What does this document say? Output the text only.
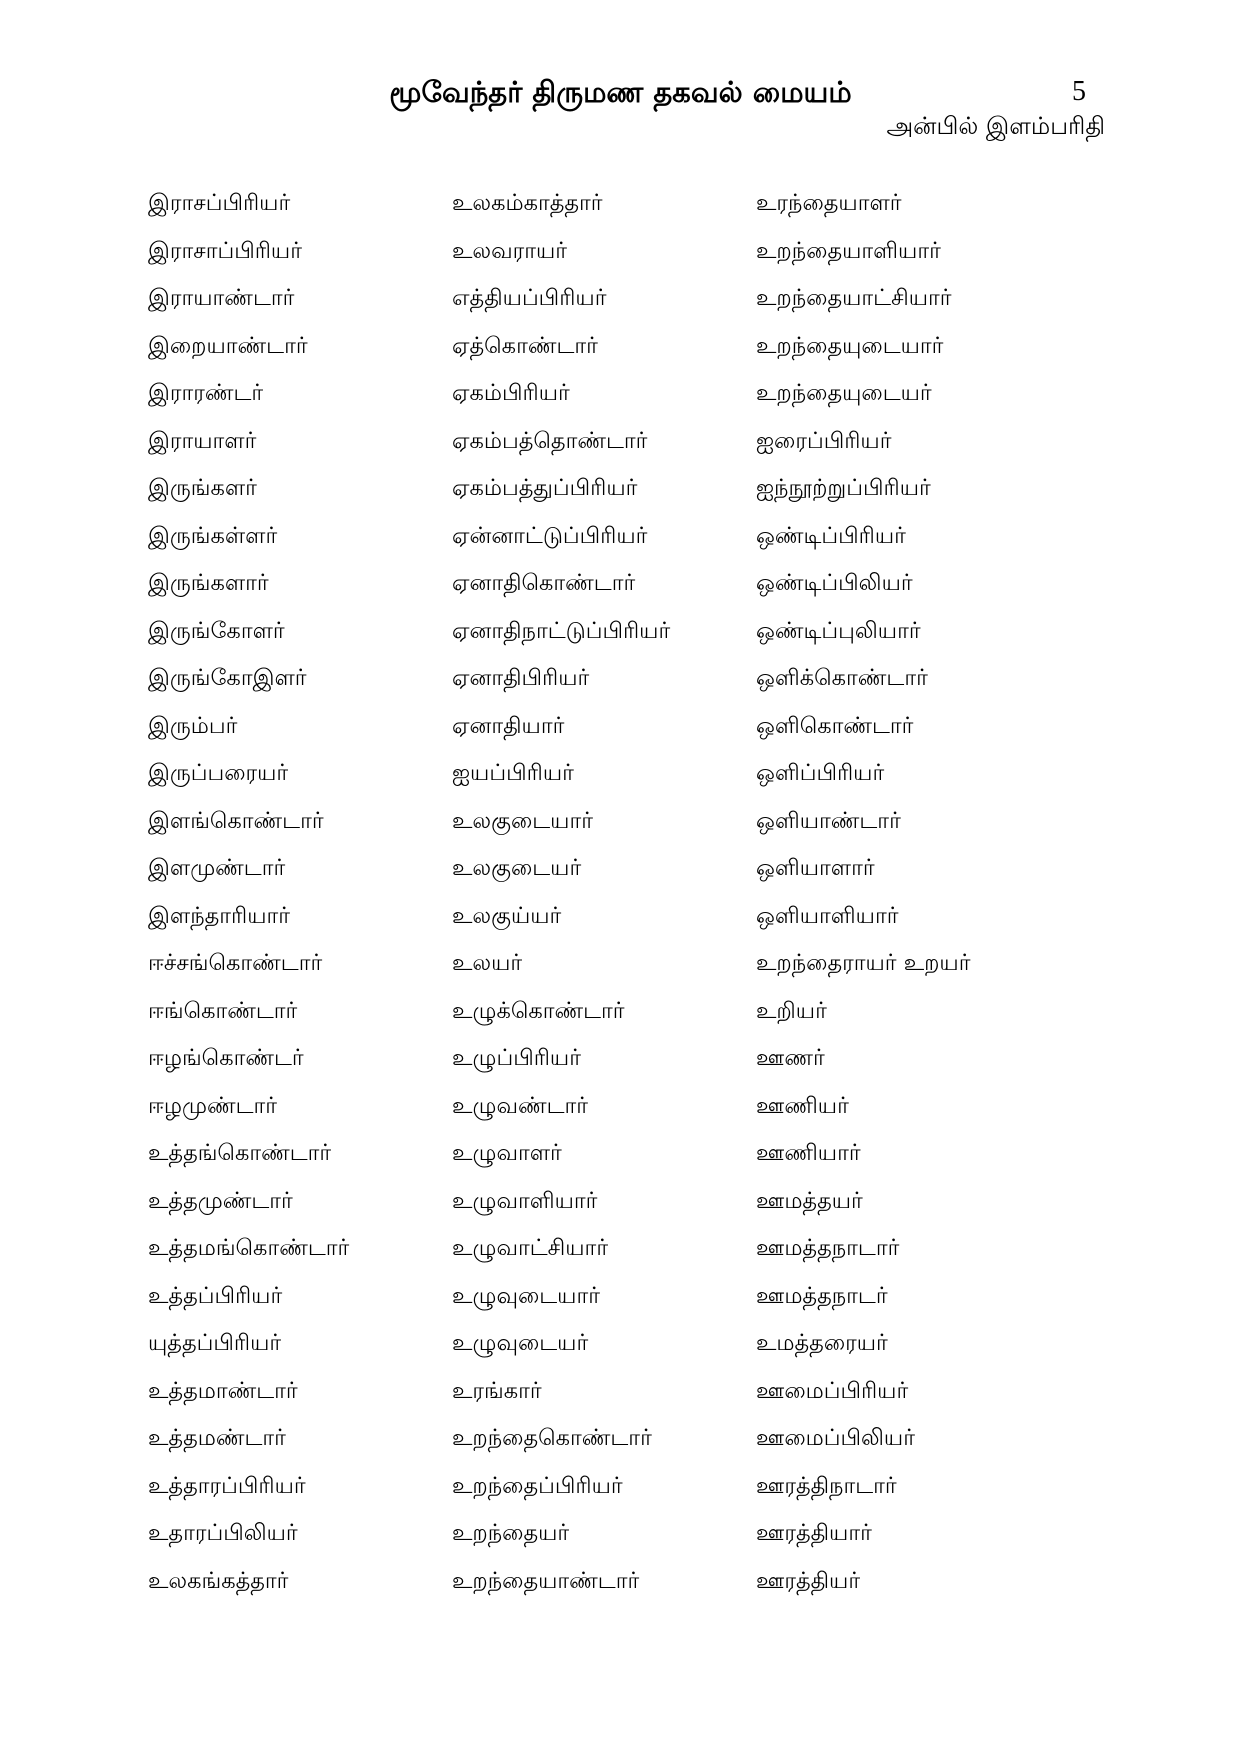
மூவேந்தர் திருமண தகவல் மையம்	5
அன்பில் இளம்பரிதி
இராசப்பிரியர்
இராசாப்பிரியர்
இராயாண்டார்
இறையாண்டார்
இராரண்டர்
இராயாளர்
இருங்களர்
இருங்கள்ளர்
இருங்களார்
இருங்கோளர்
இருங்கோஇளர்
இரும்பர்
இருப்பரையர்
இளங்கொண்டார்
இளமுண்டார்
இளந்தாரியார்
ஈச்சங்கொண்டார்
ஈங்கொண்டார்
ஈழங்கொண்டர்
ஈழமுண்டார்
உத்தங்கொண்டார்
உத்தமுண்டார்
உத்தமங்கொண்டார்
உத்தப்பிரியர்
யுத்தப்பிரியர்
உத்தமாண்டார்
உத்தமண்டார்
உத்தாரப்பிரியர்
உதாரப்பிலியர்
உலகங்கத்தார்
உலகம்காத்தார்
உலவராயர்
எத்தியப்பிரியர்
ஏத்கொண்டார்
ஏகம்பிரியர்
ஏகம்பத்தொண்டார்
ஏகம்பத்துப்பிரியர்
ஏன்னாட்டுப்பிரியர்
ஏனாதிகொண்டார்
ஏனாதிநாட்டுப்பிரியர்
ஏனாதிபிரியர்
ஏனாதியார்
ஐயப்பிரியர்
உலகுடையார்
உலகுடையர்
உலகுய்யர்
உலயர்
உழுக்கொண்டார்
உழுப்பிரியர்
உழுவண்டார்
உழுவாளர்
உழுவாளியார்
உழுவாட்சியார்
உழுவுடையார்
உழுவுடையர்
உரங்கார்
உறந்தைகொண்டார்
உறந்தைப்பிரியர்
உறந்தையர்
உறந்தையாண்டார்
உரந்தையாளர்
உறந்தையாளியார்
உறந்தையாட்சியார்
உறந்தையுடையார்
உறந்தையுடையர்
ஐரைப்பிரியர்
ஐந்நூற்றுப்பிரியர்
ஒண்டிப்பிரியர்
ஒண்டிப்பிலியர்
ஒண்டிப்புலியார்
ஒளிக்கொண்டார்
ஒளிகொண்டார்
ஒளிப்பிரியர்
ஒளியாண்டார்
ஒளியாளார்
ஒளியாளியார்
உறந்தைராயர் உறயர்
உறியர்
ஊணர்
ஊணியர்
ஊணியார்
ஊமத்தயர்
ஊமத்தநாடார்
ஊமத்தநாடர்
உமத்தரையர்
ஊமைப்பிரியர்
ஊமைப்பிலியர்
ஊரத்திநாடார்
ஊரத்தியார்
ஊரத்தியர்
